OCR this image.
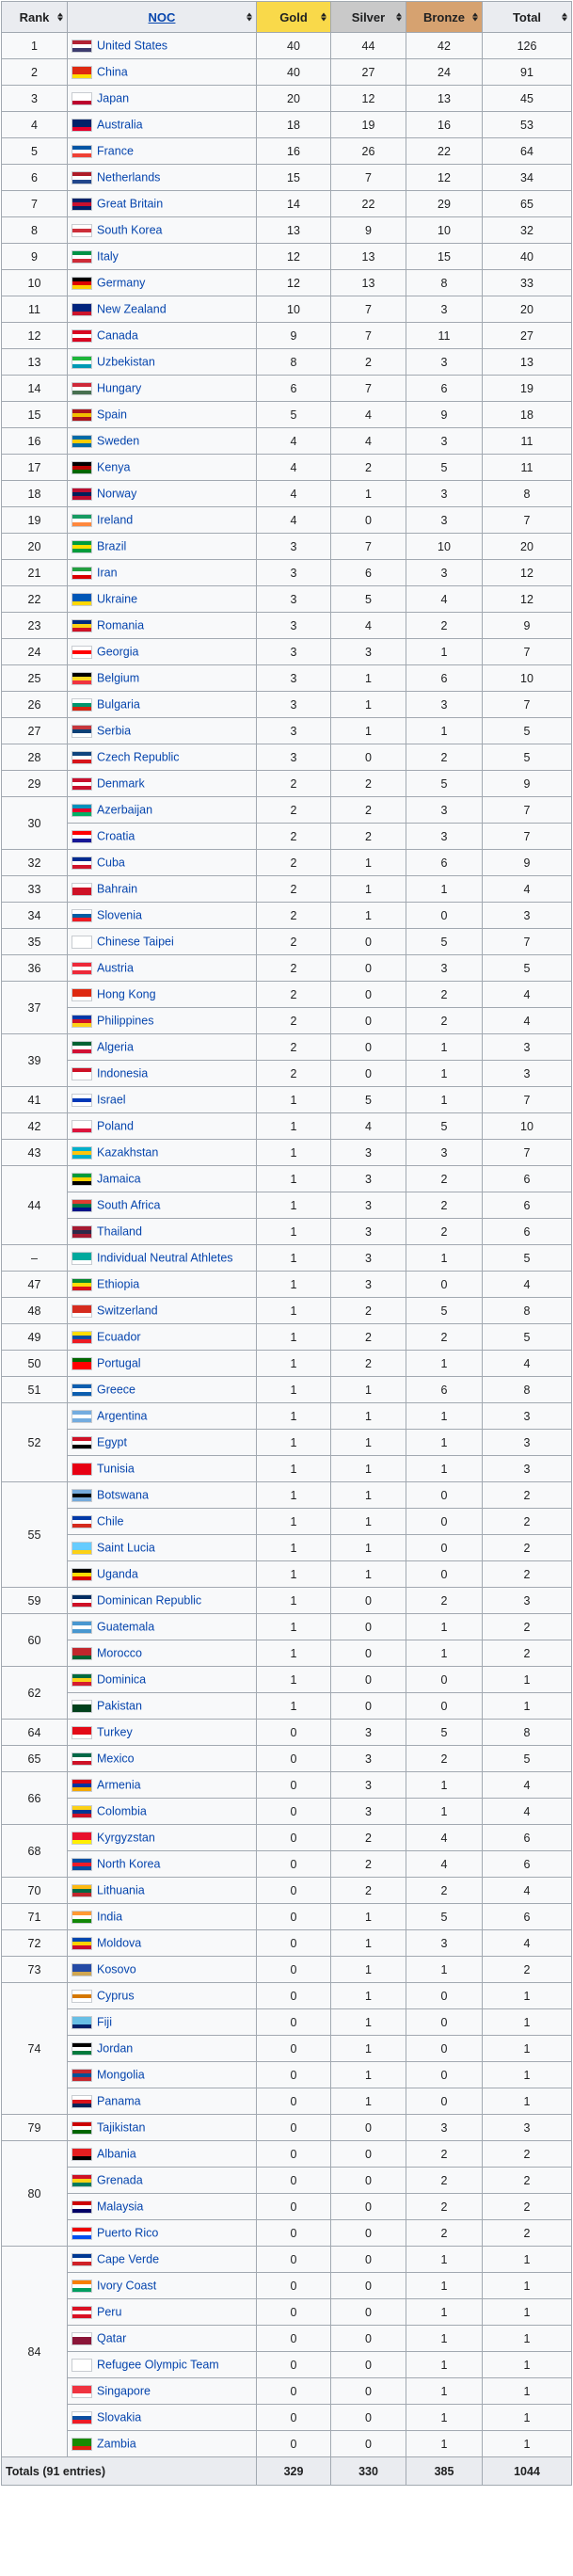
Rank	NOC	Gold	Silver	Bronze	Total

1	United States	40	44	42	126
2	China	40	27	24	91
3	Japan	20	12	13	45
4	Australia	18	19	16	53
5	France	16	26	22	64
6	Netherlands	15	7	12	34
7	Great Britain	14	22	29	65
8	South Korea	13	9	10	32
9	Italy	12	13	15	40
10	Germany	12	13	8	33
11	New Zealand	10	7	3	20
12	Canada	9	7	11	27
13	Uzbekistan	8	2	3	13
14	Hungary	6	7	6	19
15	Spain	5	4	9	18
16	Sweden	4	4	3	11
17	Kenya	4	2	5	11
18	Norway	4	1	3	8
19	Ireland	4	0	3	7
20	Brazil	3	7	10	20
21	Iran	3	6	3	12
22	Ukraine	3	5	4	12
23	Romania	3	4	2	9
24	Georgia	3	3	1	7
25	Belgium	3	1	6	10
26	Bulgaria	3	1	3	7
27	Serbia	3	1	1	5
28	Czech Republic	3	0	2	5
29	Denmark	2	2	5	9
30	Azerbaijan	2	2	3	7
	Croatia	2	2	3	7
32	Cuba	2	1	6	9
33	Bahrain	2	1	1	4
34	Slovenia	2	1	0	3
35	Chinese Taipei	2	0	5	7
36	Austria	2	0	3	5
37	Hong Kong	2	0	2	4
	Philippines	2	0	2	4
39	Algeria	2	0	1	3
	Indonesia	2	0	1	3
41	Israel	1	5	1	7
42	Poland	1	4	5	10
43	Kazakhstan	1	3	3	7
44	Jamaica	1	3	2	6
	South Africa	1	3	2	6
	Thailand	1	3	2	6
–	Individual Neutral Athletes	1	3	1	5
47	Ethiopia	1	3	0	4
48	Switzerland	1	2	5	8
49	Ecuador	1	2	2	5
50	Portugal	1	2	1	4
51	Greece	1	1	6	8
52	Argentina	1	1	1	3
	Egypt	1	1	1	3
	Tunisia	1	1	1	3
55	Botswana	1	1	0	2
	Chile	1	1	0	2
	Saint Lucia	1	1	0	2
	Uganda	1	1	0	2
59	Dominican Republic	1	0	2	3
60	Guatemala	1	0	1	2
	Morocco	1	0	1	2
62	Dominica	1	0	0	1
	Pakistan	1	0	0	1
64	Turkey	0	3	5	8
65	Mexico	0	3	2	5
66	Armenia	0	3	1	4
	Colombia	0	3	1	4
68	Kyrgyzstan	0	2	4	6
	North Korea	0	2	4	6
70	Lithuania	0	2	2	4
71	India	0	1	5	6
72	Moldova	0	1	3	4
73	Kosovo	0	1	1	2
74	Cyprus	0	1	0	1
	Fiji	0	1	0	1
	Jordan	0	1	0	1
	Mongolia	0	1	0	1
	Panama	0	1	0	1
79	Tajikistan	0	0	3	3
80	Albania	0	0	2	2
	Grenada	0	0	2	2
	Malaysia	0	0	2	2
	Puerto Rico	0	0	2	2
84	Cape Verde	0	0	1	1
	Ivory Coast	0	0	1	1
	Peru	0	0	1	1
	Qatar	0	0	1	1
	Refugee Olympic Team	0	0	1	1
	Singapore	0	0	1	1
	Slovakia	0	0	1	1
	Zambia	0	0	1	1
Totals (91 entries)		329	330	385	1044
